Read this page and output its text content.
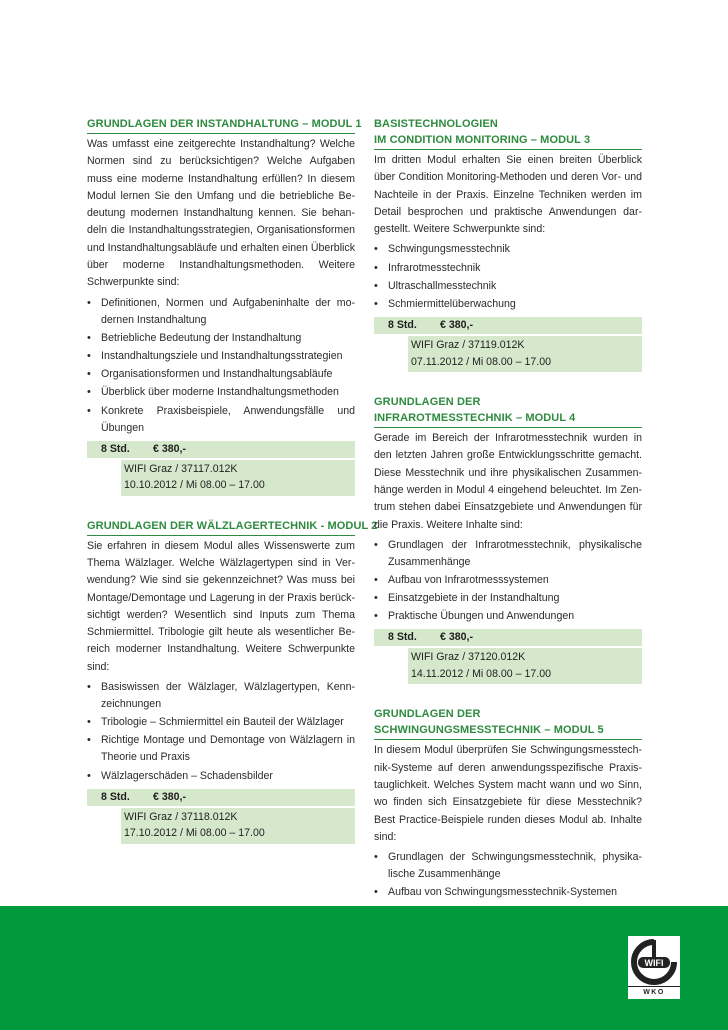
GRUNDLAGEN DER INSTANDHALTUNG – MODUL 1

Was umfasst eine zeitgerechte Instandhaltung? Welche Normen sind zu berücksichtigen? Welche Aufgaben muss eine moderne Instandhaltung erfüllen? In diesem Modul lernen Sie den Umfang und die betriebliche Bedeutung modernen Instandhaltung kennen. Sie behandeln die Instandhaltungsstrategien, Organisationsformen und Instandhaltungsabläufe und erhalten einen Überblick über moderne Instandhaltungsmethoden. Weitere Schwerpunkte sind:

• Definitionen, Normen und Aufgabeninhalte der modernen Instandhaltung
• Betriebliche Bedeutung der Instandhaltung
• Instandhaltungsziele und Instandhaltungsstrategien
• Organisationsformen und Instandhaltungsabläufe
• Überblick über moderne Instandhaltungsmethoden
• Konkrete Praxisbeispiele, Anwendungsfälle und Übungen
8 Std. € 380,-
WIFI Graz / 37117.012K
10.10.2012 / Mi 08.00 – 17.00
GRUNDLAGEN DER WÄLZLAGERTECHNIK - MODUL 2

Sie erfahren in diesem Modul alles Wissenswerte zum Thema Wälzlager. Welche Wälzlagertypen sind in Verwendung? Wie sind sie gekennzeichnet? Was muss bei Montage/Demontage und Lagerung in der Praxis berücksichtigt werden? Wesentlich sind Inputs zum Thema Schmiermittel. Tribologie gilt heute als wesentlicher Bereich moderner Instandhaltung. Weitere Schwerpunkte sind:

• Basiswissen der Wälzlager, Wälzlagertypen, Kennzeichnungen
• Tribologie – Schmiermittel ein Bauteil der Wälzlager
• Richtige Montage und Demontage von Wälzlagern in Theorie und Praxis
• Wälzlagerschäden – Schadensbilder
8 Std. € 380,-
WIFI Graz / 37118.012K
17.10.2012 / Mi 08.00 – 17.00
BASISTECHNOLOGIEN
IM CONDITION MONITORING – MODUL 3

Im dritten Modul erhalten Sie einen breiten Überblick über Condition Monitoring-Methoden und deren Vor- und Nachteile in der Praxis. Einzelne Techniken werden im Detail besprochen und praktische Anwendungen dargestellt. Weitere Schwerpunkte sind:

• Schwingungsmesstechnik
• Infrarotmesstechnik
• Ultraschallmesstechnik
• Schmiermittelüberwachung
8 Std. € 380,-
WIFI Graz / 37119.012K
07.11.2012 / Mi 08.00 – 17.00
GRUNDLAGEN DER
INFRAROTMESSTECHNIK – MODUL 4

Gerade im Bereich der Infrarotmesstechnik wurden in den letzten Jahren große Entwicklungsschritte gemacht. Diese Messtechnik und ihre physikalischen Zusammenhänge werden in Modul 4 eingehend beleuchtet. Im Zentrum stehen dabei Einsatzgebiete und Anwendungen für die Praxis. Weitere Inhalte sind:

• Grundlagen der Infrarotmesstechnik, physikalische Zusammenhänge
• Aufbau von Infrarotmesssystemen
• Einsatzgebiete in der Instandhaltung
• Praktische Übungen und Anwendungen
8 Std. € 380,-
WIFI Graz / 37120.012K
14.11.2012 / Mi 08.00 – 17.00
GRUNDLAGEN DER
SCHWINGUNGSMESSTECHNIK – MODUL 5

In diesem Modul überprüfen Sie Schwingungsmesstechnik-Systeme auf deren anwendungsspezifische Praxistauglichkeit. Welches System macht wann und wo Sinn, wo finden sich Einsatzgebiete für diese Messtechnik? Best Practice-Beispiele runden dieses Modul ab. Inhalte sind:

• Grundlagen der Schwingungsmesstechnik, physikalische Zusammenhänge
• Aufbau von Schwingungsmesstechnik-Systemen
•
•
WIFI
WKO
